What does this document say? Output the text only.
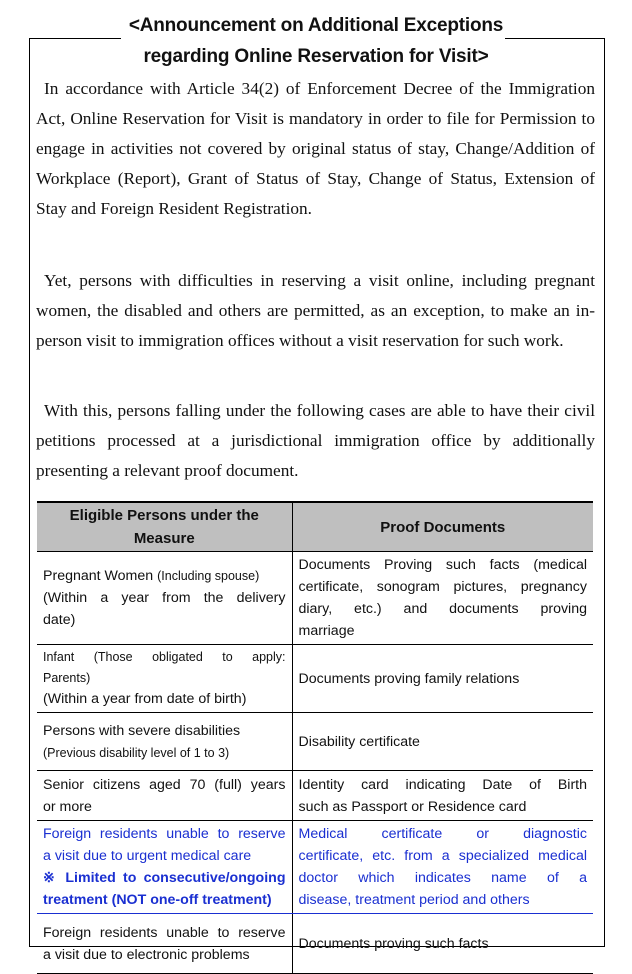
<Announcement on Additional Exceptions
regarding Online Reservation for Visit>

In accordance with Article 34(2) of Enforcement Decree of the Immigration Act, Online Reservation for Visit is mandatory in order to file for Permission to engage in activities not covered by original status of stay, Change/Addition of Workplace (Report), Grant of Status of Stay, Change of Status, Extension of Stay and Foreign Resident Registration.

Yet, persons with difficulties in reserving a visit online, including pregnant women, the disabled and others are permitted, as an exception, to make an in-person visit to immigration offices without a visit reservation for such work.

With this, persons falling under the following cases are able to have their civil petitions processed at a jurisdictional immigration office by additionally presenting a relevant proof document.

Eligible Persons under the Measure	Proof Documents

Pregnant Women (Including spouse)
(Within a year from the delivery
date)	Documents Proving such facts (medical
certificate, sonogram pictures, pregnancy
diary, etc.) and documents proving
marriage

Infant (Those obligated to apply:
Parents)
(Within a year from date of birth)	Documents proving family relations

Persons with severe disabilities
(Previous disability level of 1 to 3)	Disability certificate

Senior citizens aged 70 (full) years
or more	Identity card indicating Date of Birth
such as Passport or Residence card

Foreign residents unable to reserve
a visit due to urgent medical care
※ Limited to consecutive/ongoing
treatment (NOT one-off treatment)	Medical certificate or diagnostic
certificate, etc. from a specialized medical
doctor which indicates name of a
disease, treatment period and others

Foreign residents unable to reserve
a visit due to electronic problems	Documents proving such facts
